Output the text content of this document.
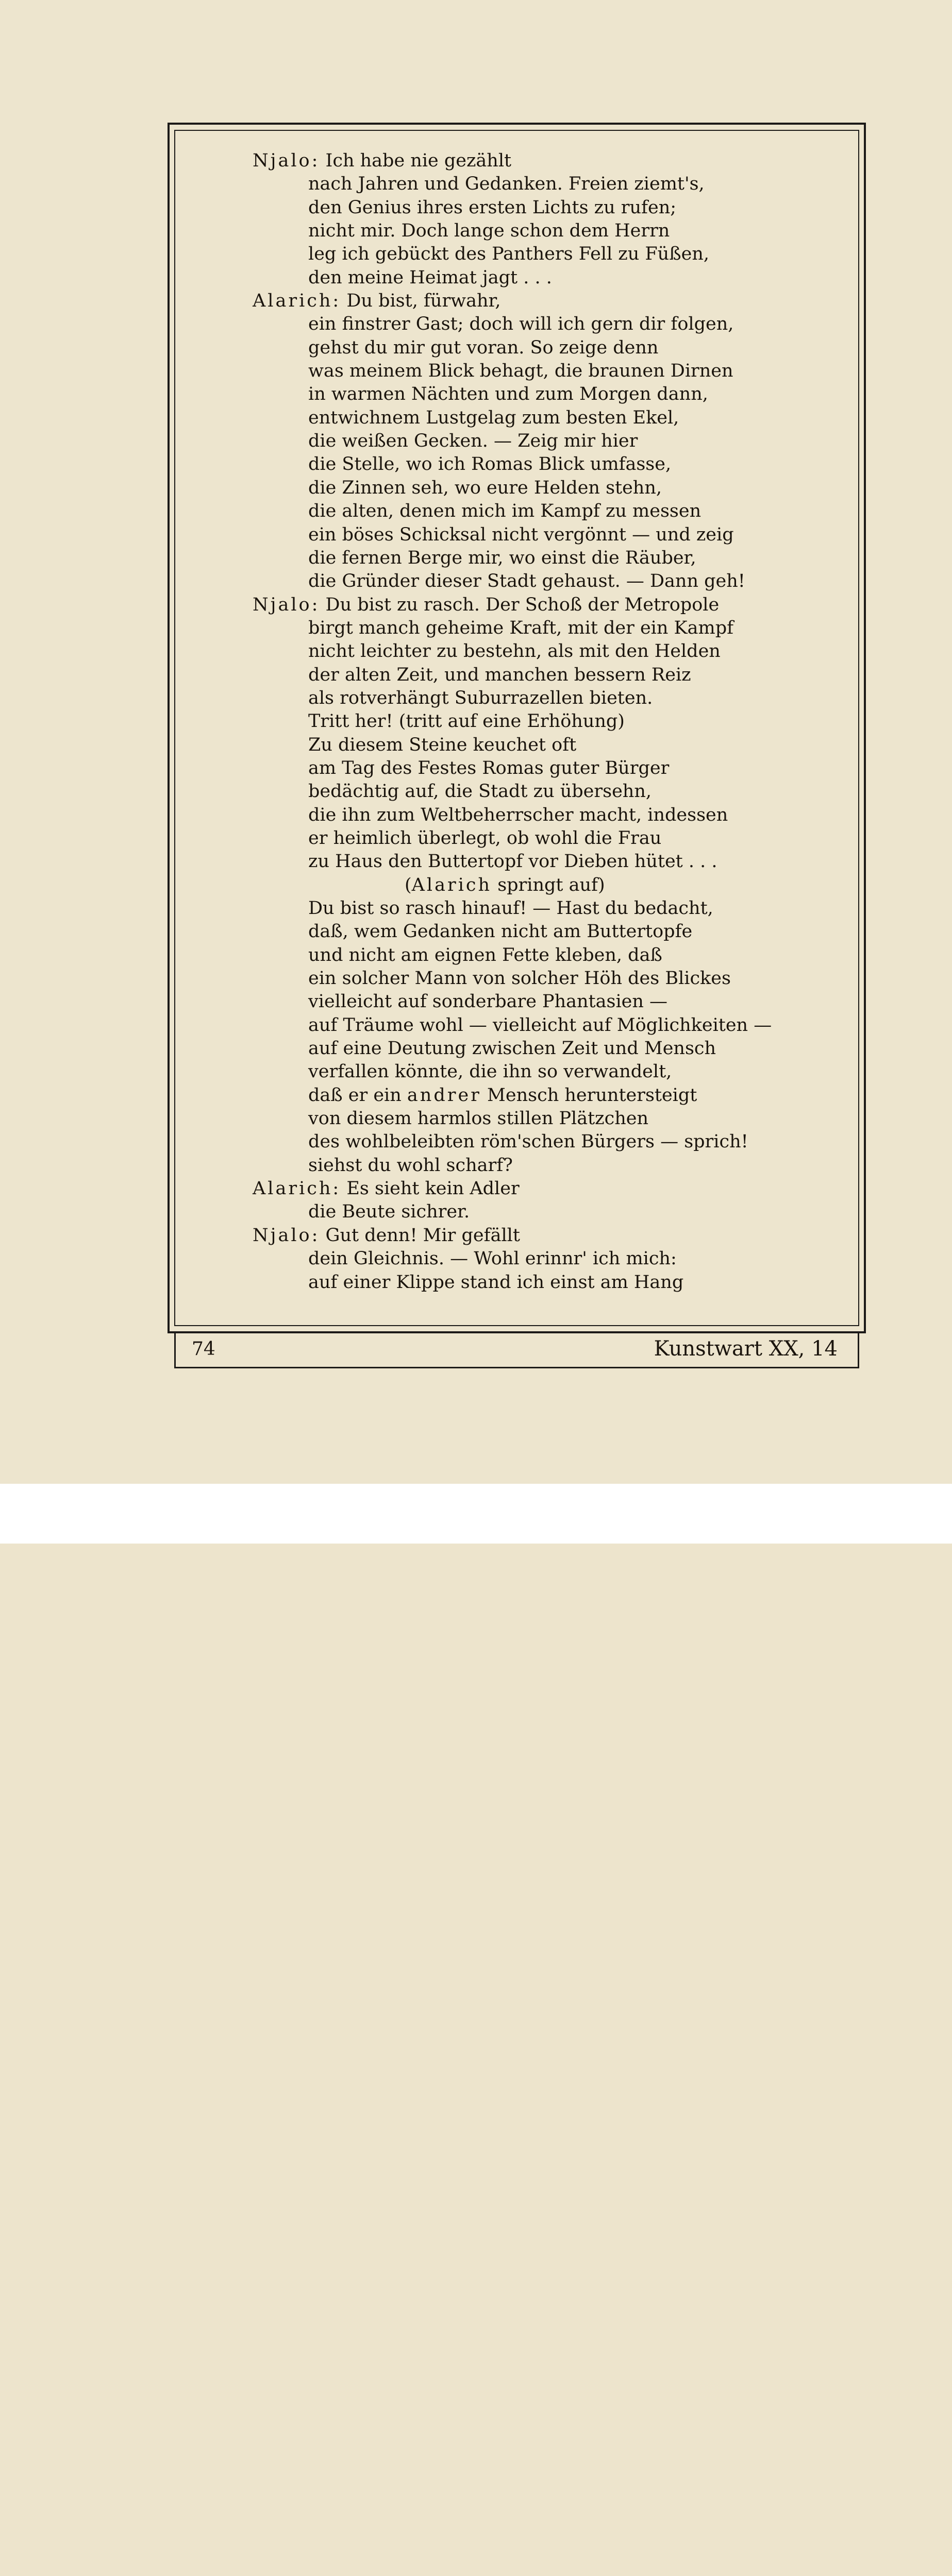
Njalo: Ich habe nie gezählt
nach Jahren und Gedanken. Freien ziemt's,
den Genius ihres ersten Lichts zu rufen;
nicht mir. Doch lange schon dem Herrn
leg ich gebückt des Panthers Fell zu Füßen,
den meine Heimat jagt . . .
Alarich: Du bist, fürwahr,
ein finstrer Gast; doch will ich gern dir folgen,
gehst du mir gut voran. So zeige denn
was meinem Blick behagt, die braunen Dirnen
in warmen Nächten und zum Morgen dann,
entwichnem Lustgelag zum besten Ekel,
die weißen Gecken. — Zeig mir hier
die Stelle, wo ich Romas Blick umfasse,
die Zinnen seh, wo eure Helden stehn,
die alten, denen mich im Kampf zu messen
ein böses Schicksal nicht vergönnt — und zeig
die fernen Berge mir, wo einst die Räuber,
die Gründer dieser Stadt gehaust. — Dann geh!
Njalo: Du bist zu rasch. Der Schoß der Metropole
birgt manch geheime Kraft, mit der ein Kampf
nicht leichter zu bestehn, als mit den Helden
der alten Zeit, und manchen bessern Reiz
als rotverhängt Suburrazellen bieten.
Tritt her! (tritt auf eine Erhöhung)
Zu diesem Steine keuchet oft
am Tag des Festes Romas guter Bürger
bedächtig auf, die Stadt zu übersehn,
die ihn zum Weltbeherrscher macht, indessen
er heimlich überlegt, ob wohl die Frau
zu Haus den Buttertopf vor Dieben hütet . . .
(Alarich springt auf)
Du bist so rasch hinauf! — Hast du bedacht,
daß, wem Gedanken nicht am Buttertopfe
und nicht am eignen Fette kleben, daß
ein solcher Mann von solcher Höh des Blickes
vielleicht auf sonderbare Phantasien —
auf Träume wohl — vielleicht auf Möglichkeiten —
auf eine Deutung zwischen Zeit und Mensch
verfallen könnte, die ihn so verwandelt,
daß er ein andrer Mensch heruntersteigt
von diesem harmlos stillen Plätzchen
des wohlbeleibten röm'schen Bürgers — sprich!
siehst du wohl scharf?
Alarich: Es sieht kein Adler
die Beute sichrer.
Njalo: Gut denn! Mir gefällt
dein Gleichnis. — Wohl erinnr' ich mich:
auf einer Klippe stand ich einst am Hang
74	Kunstwart XX, 14
